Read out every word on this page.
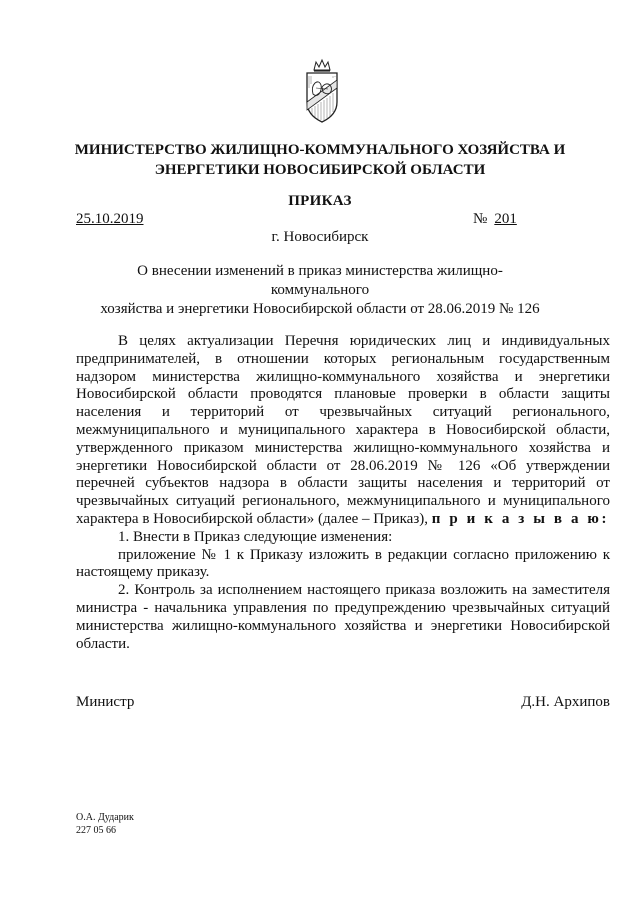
МИНИСТЕРСТВО ЖИЛИЩНО-КОММУНАЛЬНОГО ХОЗЯЙСТВА И
ЭНЕРГЕТИКИ НОВОСИБИРСКОЙ ОБЛАСТИ
ПРИКАЗ
25.10.2019	№ 201
г. Новосибирск
О внесении изменений в приказ министерства жилищно-коммунального
хозяйства и энергетики Новосибирской области от 28.06.2019 № 126

В целях актуализации Перечня юридических лиц и индивидуальных предпринимателей, в отношении которых региональным государственным надзором министерства жилищно-коммунального хозяйства и энергетики Новосибирской области проводятся плановые проверки в области защиты населения и территорий от чрезвычайных ситуаций регионального, межмуниципального и муниципального характера в Новосибирской области, утвержденного приказом министерства жилищно-коммунального хозяйства и энергетики Новосибирской области от 28.06.2019 № 126 «Об утверждении перечней субъектов надзора в области защиты населения и территорий от чрезвычайных ситуаций регионального, межмуниципального и муниципального характера в Новосибирской области» (далее – Приказ), п р и к а з ы в а ю:

1. Внести в Приказ следующие изменения:

приложение № 1 к Приказу изложить в редакции согласно приложению к настоящему приказу.

2. Контроль за исполнением настоящего приказа возложить на заместителя министра - начальника управления по предупреждению чрезвычайных ситуаций министерства жилищно-коммунального хозяйства и энергетики Новосибирской области.

Министр	Д.Н. Архипов
О.А. Дударик
227 05 66
